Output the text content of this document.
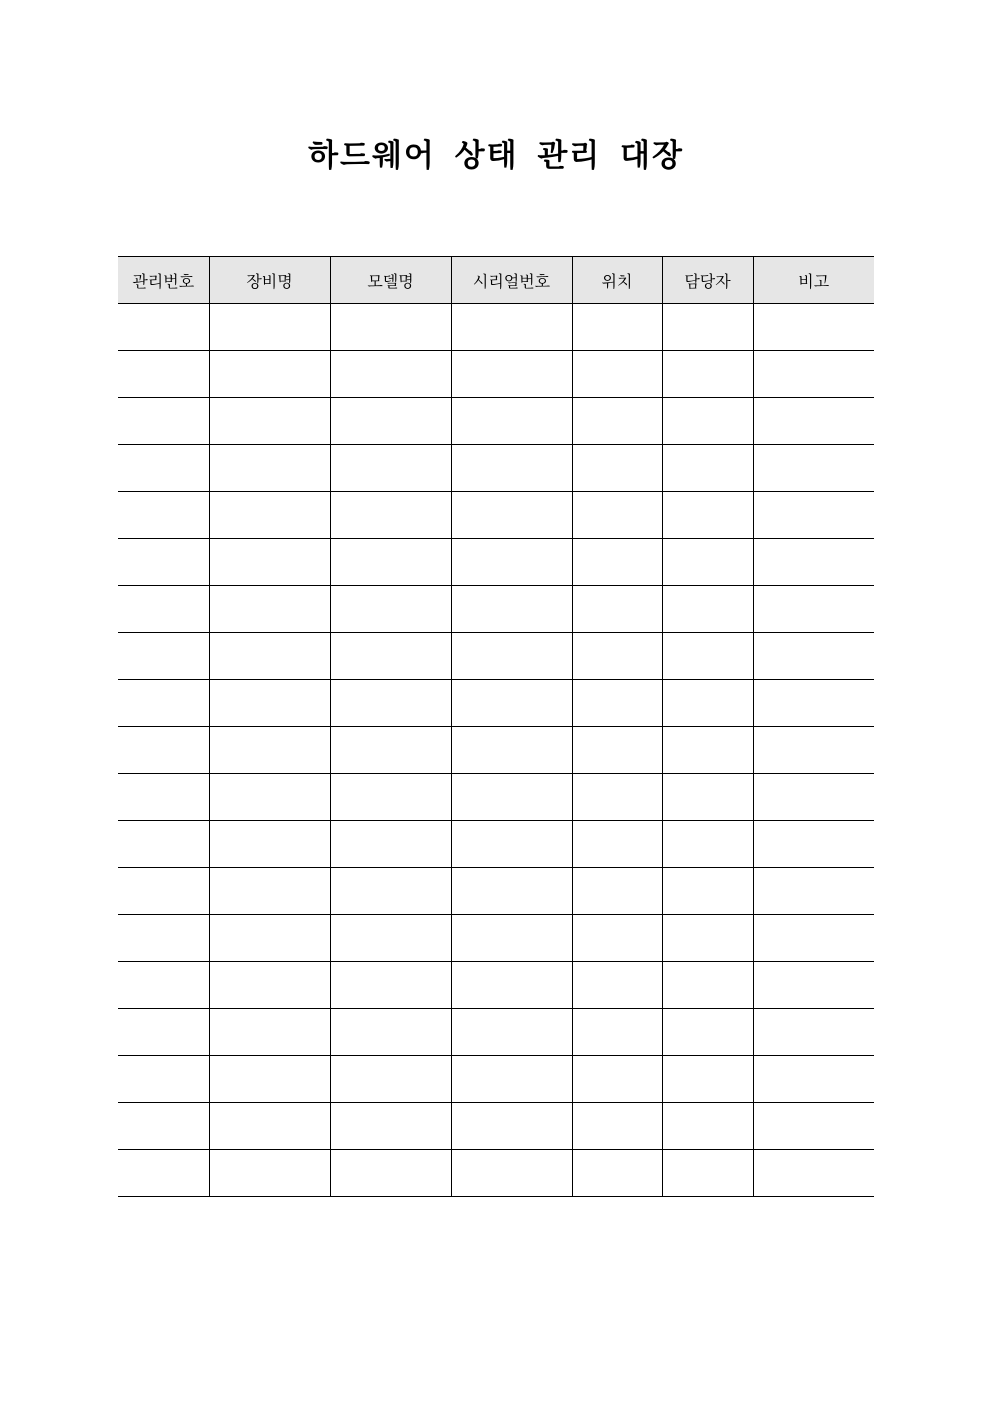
하드웨어 상태 관리 대장
관리번호	장비명	모델명	시리얼번호	위치	담당자	비고
